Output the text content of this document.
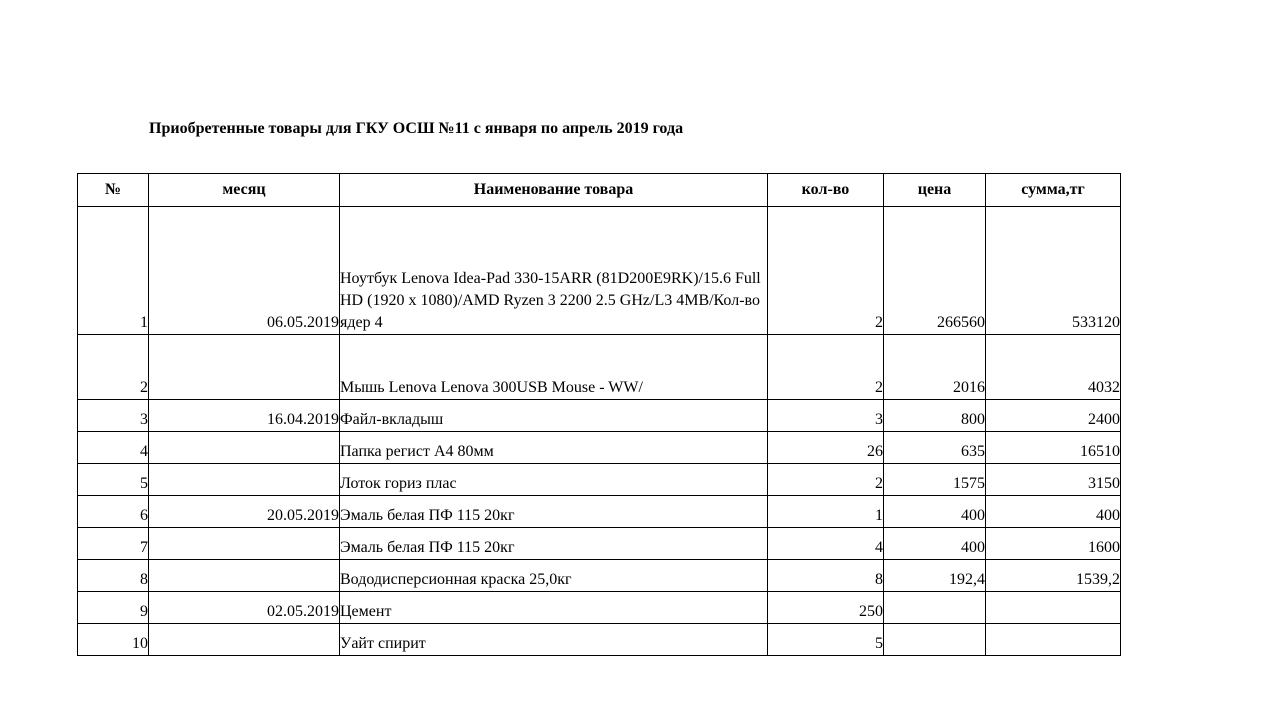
Приобретенные товары для ГКУ ОСШ №11 с января по апрель 2019 года
№	месяц	Наименование товара	кол-во	цена	сумма,тг
1	06.05.2019	Ноутбук Lenova Idea-Pad 330-15ARR (81D200E9RK)/15.6 Full HD (1920 x 1080)/AMD Ryzen 3 2200 2.5 GHz/L3 4MB/Кол-во ядер 4	2	266560	533120
2		Мышь Lenova Lenova 300USB Mouse - WW/	2	2016	4032
3	16.04.2019	Файл-вкладыш	3	800	2400
4		Папка регист А4 80мм	26	635	16510
5		Лоток гориз плас	2	1575	3150
6	20.05.2019	Эмаль белая ПФ 115 20кг	1	400	400
7		Эмаль белая ПФ 115 20кг	4	400	1600
8		Вододисперсионная краска 25,0кг	8	192,4	1539,2
9	02.05.2019	Цемент	250		
10		Уайт спирит	5		
